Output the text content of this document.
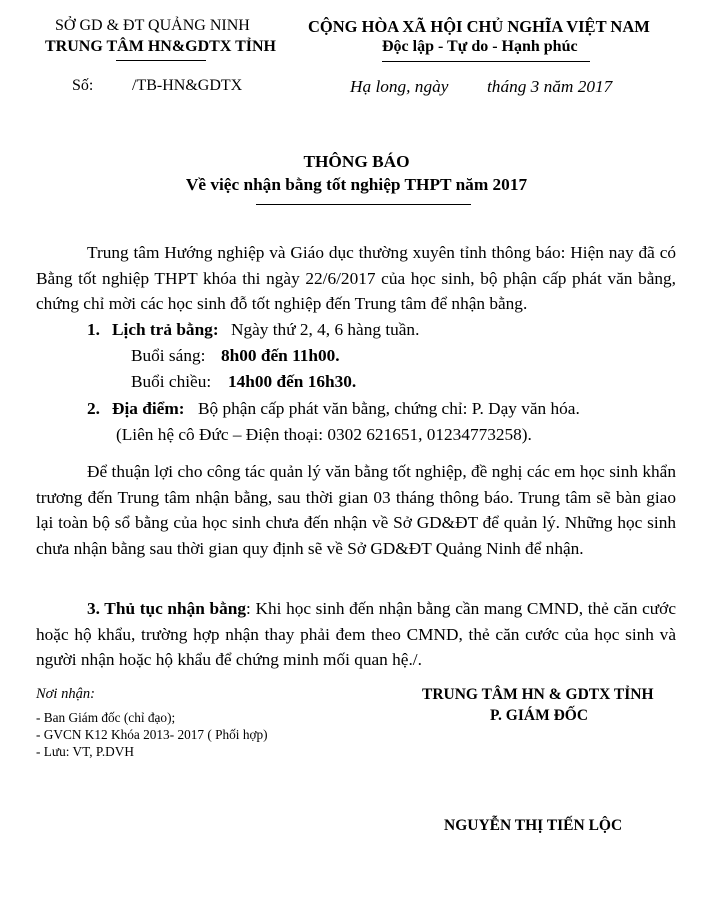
SỞ GD & ĐT QUẢNG NINH
TRUNG TÂM HN&GDTX TỈNH
CỘNG HÒA XÃ HỘI CHỦ NGHĨA VIỆT NAM
Độc lập - Tự do - Hạnh phúc
Số: /TB-HN&GDTX	Hạ long, ngày tháng 3 năm 2017
THÔNG BÁO
Về việc nhận bằng tốt nghiệp THPT năm 2017
Trung tâm Hướng nghiệp và Giáo dục thường xuyên tỉnh thông báo: Hiện nay đã có Bằng tốt nghiệp THPT khóa thi ngày 22/6/2017 của học sinh, bộ phận cấp phát văn bằng, chứng chỉ mời các học sinh đỗ tốt nghiệp đến Trung tâm để nhận bằng.
1. Lịch trả bằng: Ngày thứ 2, 4, 6 hàng tuần.
Buổi sáng: 8h00 đến 11h00.
Buổi chiều: 14h00 đến 16h30.
2. Địa điểm: Bộ phận cấp phát văn bằng, chứng chỉ: P. Dạy văn hóa.
(Liên hệ cô Đức – Điện thoại: 0302 621651, 01234773258).
Để thuận lợi cho công tác quản lý văn bằng tốt nghiệp, đề nghị các em học sinh khẩn trương đến Trung tâm nhận bằng, sau thời gian 03 tháng thông báo. Trung tâm sẽ bàn giao lại toàn bộ sổ bằng của học sinh chưa đến nhận về Sở GD&ĐT để quản lý. Những học sinh chưa nhận bằng sau thời gian quy định sẽ về Sở GD&ĐT Quảng Ninh để nhận.
3. Thủ tục nhận bằng: Khi học sinh đến nhận bằng cần mang CMND, thẻ căn cước hoặc hộ khẩu, trường hợp nhận thay phải đem theo CMND, thẻ căn cước của học sinh và người nhận hoặc hộ khẩu để chứng minh mối quan hệ./.
Nơi nhận:
- Ban Giám đốc (chỉ đạo);
- GVCN K12 Khóa 2013- 2017 ( Phối hợp)
- Lưu: VT, P.DVH
TRUNG TÂM HN & GDTX TỈNH
P. GIÁM ĐỐC
NGUYỄN THỊ TIẾN LỘC
